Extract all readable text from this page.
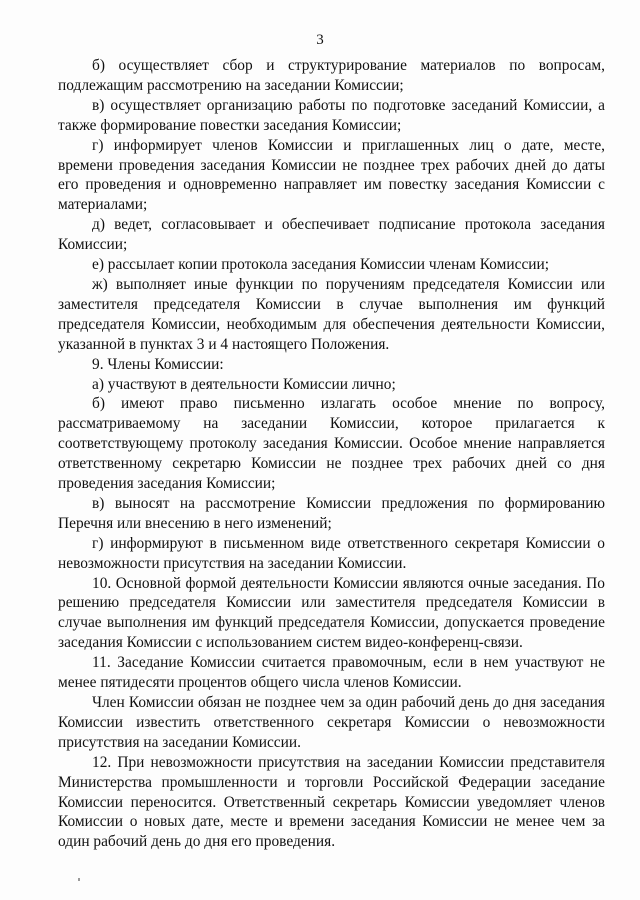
3

б) осуществляет сбор и структурирование материалов по вопросам, подлежащим рассмотрению на заседании Комиссии;

в) осуществляет организацию работы по подготовке заседаний Комиссии, а также формирование повестки заседания Комиссии;

г) информирует членов Комиссии и приглашенных лиц о дате, месте, времени проведения заседания Комиссии не позднее трех рабочих дней до даты его проведения и одновременно направляет им повестку заседания Комиссии с материалами;

д) ведет, согласовывает и обеспечивает подписание протокола заседания Комиссии;

е) рассылает копии протокола заседания Комиссии членам Комиссии;

ж) выполняет иные функции по поручениям председателя Комиссии или заместителя председателя Комиссии в случае выполнения им функций председателя Комиссии, необходимым для обеспечения деятельности Комиссии, указанной в пунктах 3 и 4 настоящего Положения.

9. Члены Комиссии:

а) участвуют в деятельности Комиссии лично;

б) имеют право письменно излагать особое мнение по вопросу, рассматриваемому на заседании Комиссии, которое прилагается к соответствующему протоколу заседания Комиссии. Особое мнение направляется ответственному секретарю Комиссии не позднее трех рабочих дней со дня проведения заседания Комиссии;

в) выносят на рассмотрение Комиссии предложения по формированию Перечня или внесению в него изменений;

г) информируют в письменном виде ответственного секретаря Комиссии о невозможности присутствия на заседании Комиссии.

10. Основной формой деятельности Комиссии являются очные заседания. По решению председателя Комиссии или заместителя председателя Комиссии в случае выполнения им функций председателя Комиссии, допускается проведение заседания Комиссии с использованием систем видео-конференц-связи.

11. Заседание Комиссии считается правомочным, если в нем участвуют не менее пятидесяти процентов общего числа членов Комиссии.

Член Комиссии обязан не позднее чем за один рабочий день до дня заседания Комиссии известить ответственного секретаря Комиссии о невозможности присутствия на заседании Комиссии.

12. При невозможности присутствия на заседании Комиссии представителя Министерства промышленности и торговли Российской Федерации заседание Комиссии переносится. Ответственный секретарь Комиссии уведомляет членов Комиссии о новых дате, месте и времени заседания Комиссии не менее чем за один рабочий день до дня его проведения.
